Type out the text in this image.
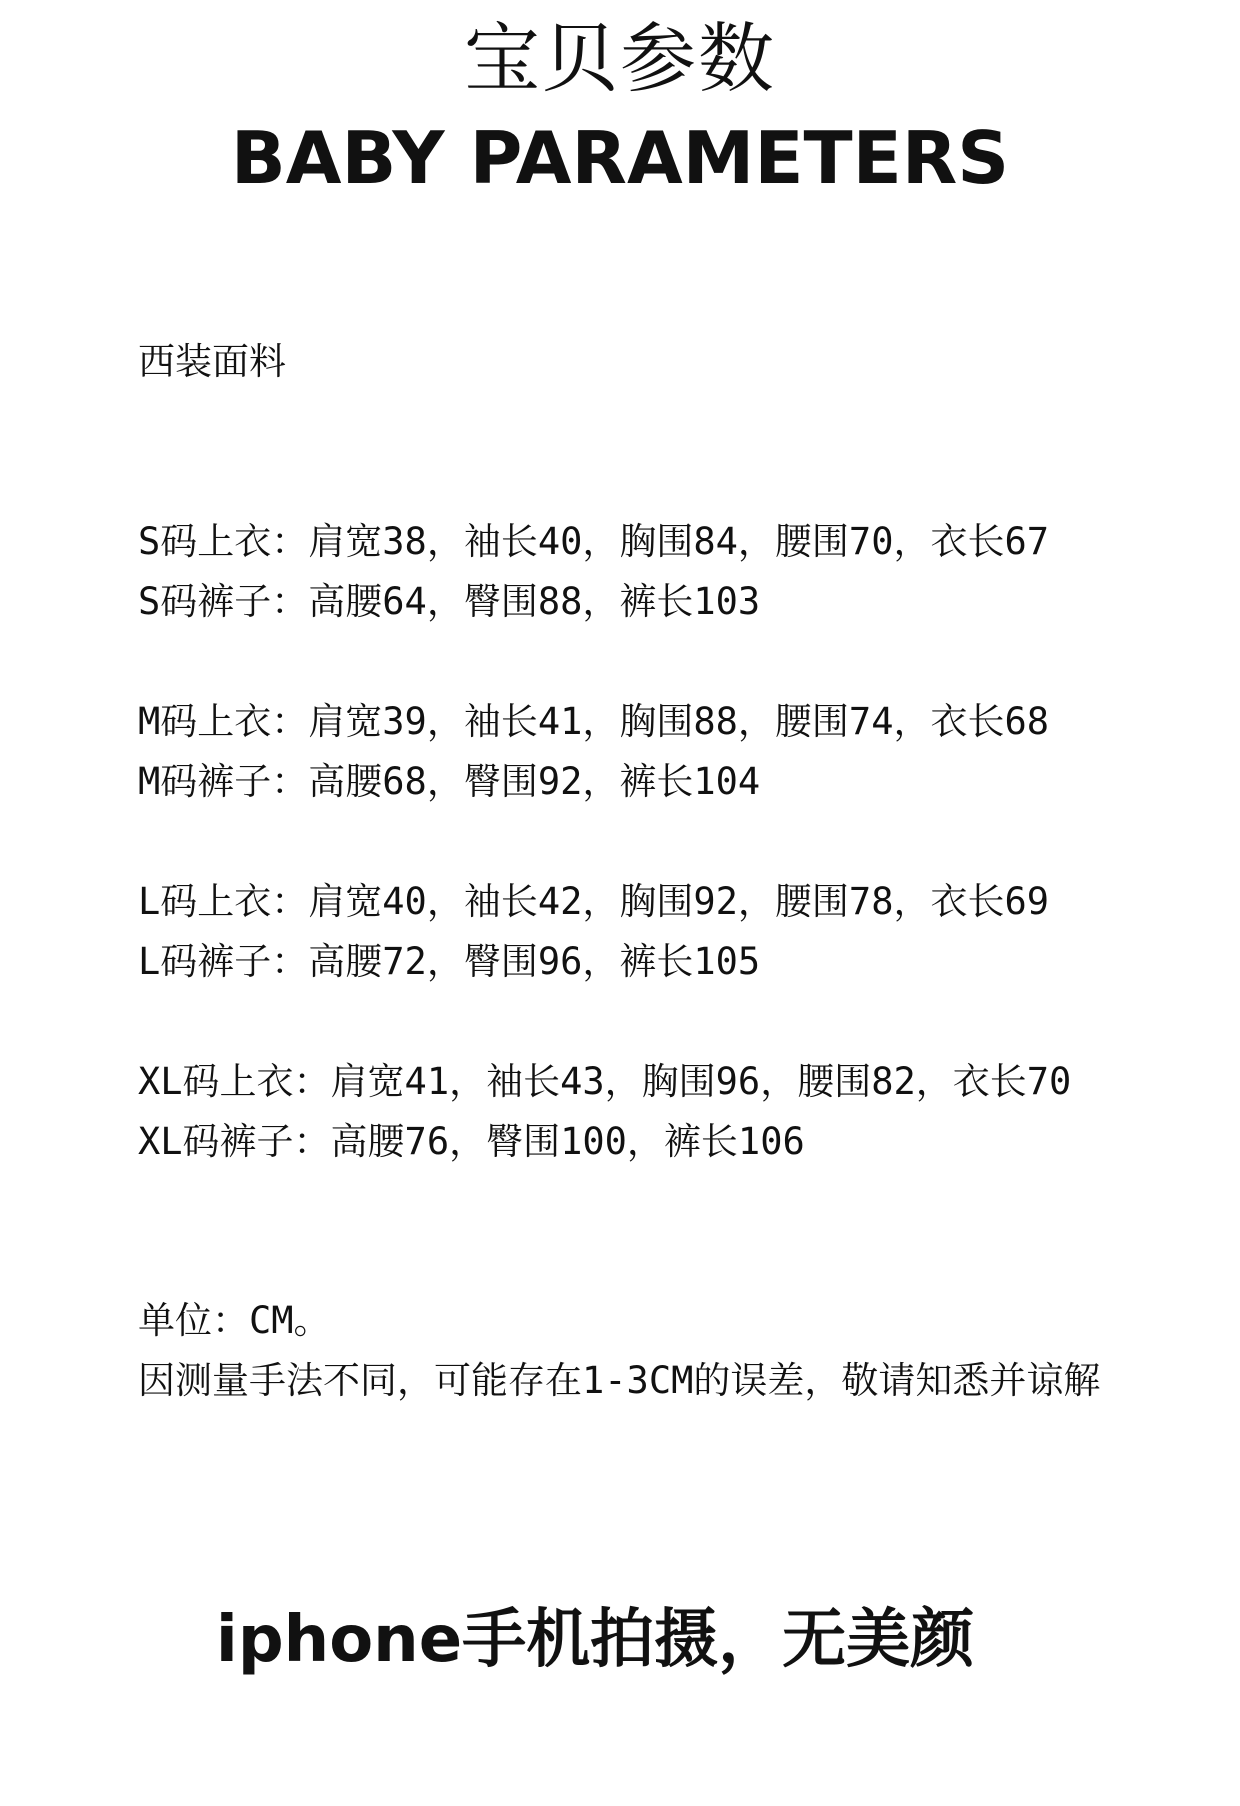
宝贝参数
BABY PARAMETERS
西装面料
S码上衣：肩宽38，袖长40，胸围84，腰围70，衣长67
S码裤子：高腰64，臀围88，裤长103
M码上衣：肩宽39，袖长41，胸围88，腰围74，衣长68
M码裤子：高腰68，臀围92，裤长104
L码上衣：肩宽40，袖长42，胸围92，腰围78，衣长69
L码裤子：高腰72，臀围96，裤长105
XL码上衣：肩宽41，袖长43，胸围96，腰围82，衣长70
XL码裤子：高腰76，臀围100，裤长106
单位：CM。
因测量手法不同，可能存在1-3CM的误差，敬请知悉并谅解
iphone手机拍摄，无美颜
